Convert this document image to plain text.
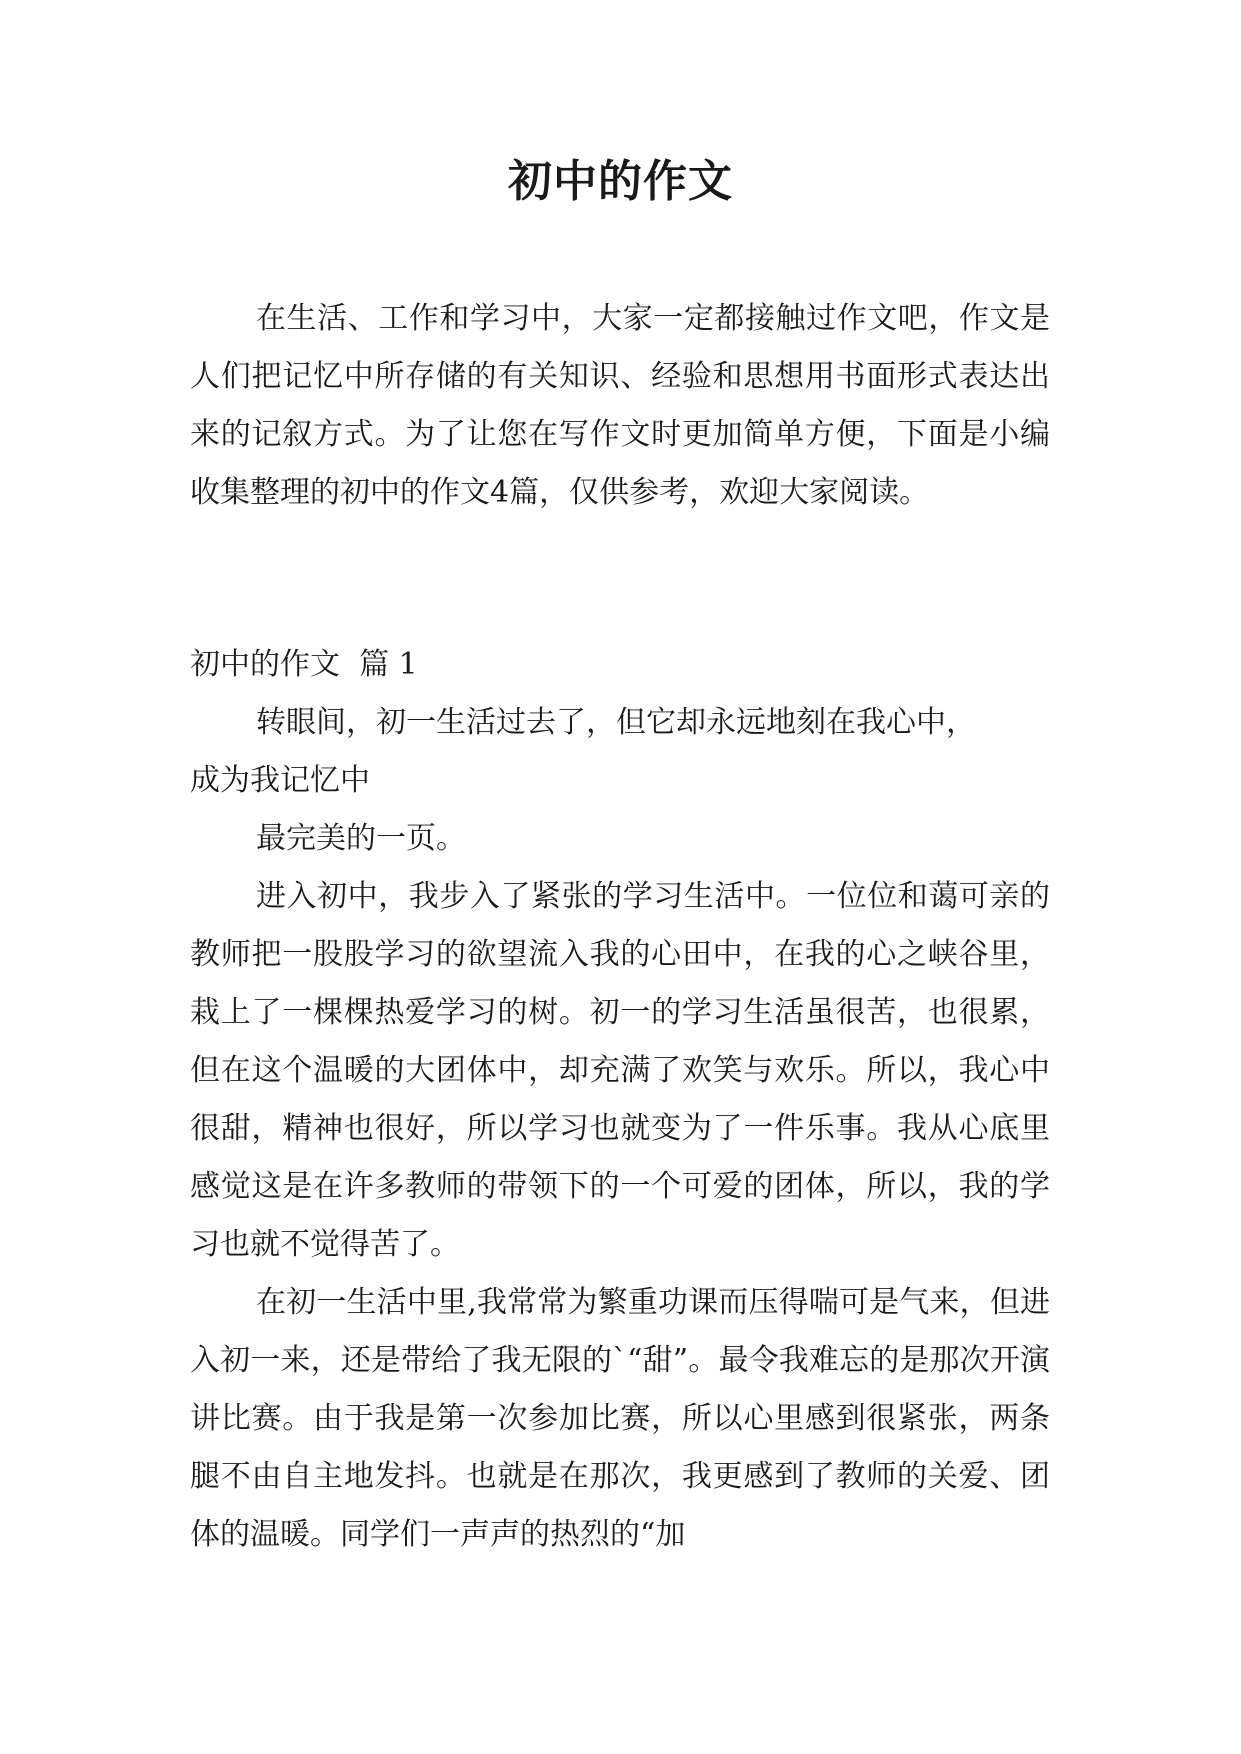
初中的作文

在生活、工作和学习中，大家一定都接触过作文吧，作文是人们把记忆中所存储的有关知识、经验和思想用书面形式表达出来的记叙方式。为了让您在写作文时更加简单方便，下面是小编收集整理的初中的作文4篇，仅供参考，欢迎大家阅读。

初中的作文  篇 1

转眼间，初一生活过去了，但它却永远地刻在我心中，

成为我记忆中

最完美的一页。

进入初中，我步入了紧张的学习生活中。一位位和蔼可亲的教师把一股股学习的欲望流入我的心田中，在我的心之峡谷里，栽上了一棵棵热爱学习的树。初一的学习生活虽很苦，也很累，但在这个温暖的大团体中，却充满了欢笑与欢乐。所以，我心中很甜，精神也很好，所以学习也就变为了一件乐事。我从心底里感觉这是在许多教师的带领下的一个可爱的团体，所以，我的学习也就不觉得苦了。

在初一生活中里,我常常为繁重功课而压得喘可是气来，但进入初一来，还是带给了我无限的`“甜”。最令我难忘的是那次开演讲比赛。由于我是第一次参加比赛，所以心里感到很紧张，两条腿不由自主地发抖。也就是在那次，我更感到了教师的关爱、团体的温暖。同学们一声声的热烈的“加
